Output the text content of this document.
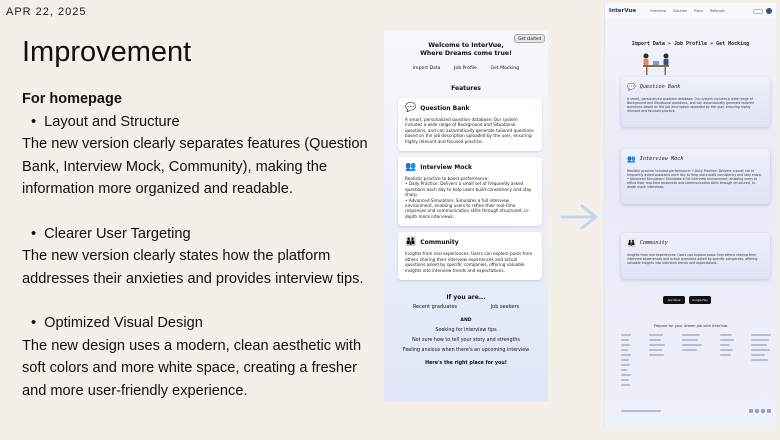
APR 22, 2025
Improvement
For homepage
• Layout and Structure
The new version clearly separates features (Question Bank, Interview Mock, Community), making the information more organized and readable.
• Clearer User Targeting
The new version clearly states how the platform addresses their anxieties and provides interview tips.
• Optimized Visual Design
The new design uses a modern, clean aesthetic with soft colors and more white space, creating a fresher and more user-friendly experience.
Get started
Welcome to InterVue,
Where Dreams come true!
Import Data	Job Profile	Get Mocking
Features
💬 Question Bank
A smart, personalized question database: Our system includes a wide range of Background and Situational questions, and can automatically generate tailored questions based on the job description uploaded by the user, ensuring highly relevant and focused practice.
👥 Interview Mock
Realistic practice to boost performance:
• Daily Practice: Delivers a small set of frequently asked questions each day to help users build consistency and stay sharp.
• Advanced Simulation: Simulates a full interview environment, enabling users to refine their real-time responses and communication skills through structured, in-depth mock interviews.
👪 Community
Insights from real experiences: Users can explore posts from others sharing their interview experiences and actual questions asked by specific companies, offering valuable insights into interview trends and expectations.
If you are...
Recent graduates	Job seekers
AND
Seeking for interview tips
Not sure how to tell your story and strengths
Feeling anxious when there's an upcoming interview
Here's the right place for you!
InterVue	Overview Solution Plans Referrals
Import Data » Job Profile » Get Mocking
💬 Question Bank
A smart, personalized question database: Our system includes a wide range of Background and Situational questions, and can automatically generate tailored questions based on the job description uploaded by the user, ensuring highly relevant and focused practice.
👥 Interview Mock
Realistic practice to boost performance: • Daily Practice: Delivers a small set of frequently asked questions each day to help users build consistency and stay sharp. • Advanced Simulation: Simulates a full interview environment, enabling users to refine their real-time responses and communication skills through structured, in-depth mock interviews.
👪 Community
Insights from real experiences: Users can explore posts from others sharing their interview experiences and actual questions asked by specific companies, offering valuable insights into interview trends and expectations.
App Store	Google Play
Prepare for your dream job with InterVue.
